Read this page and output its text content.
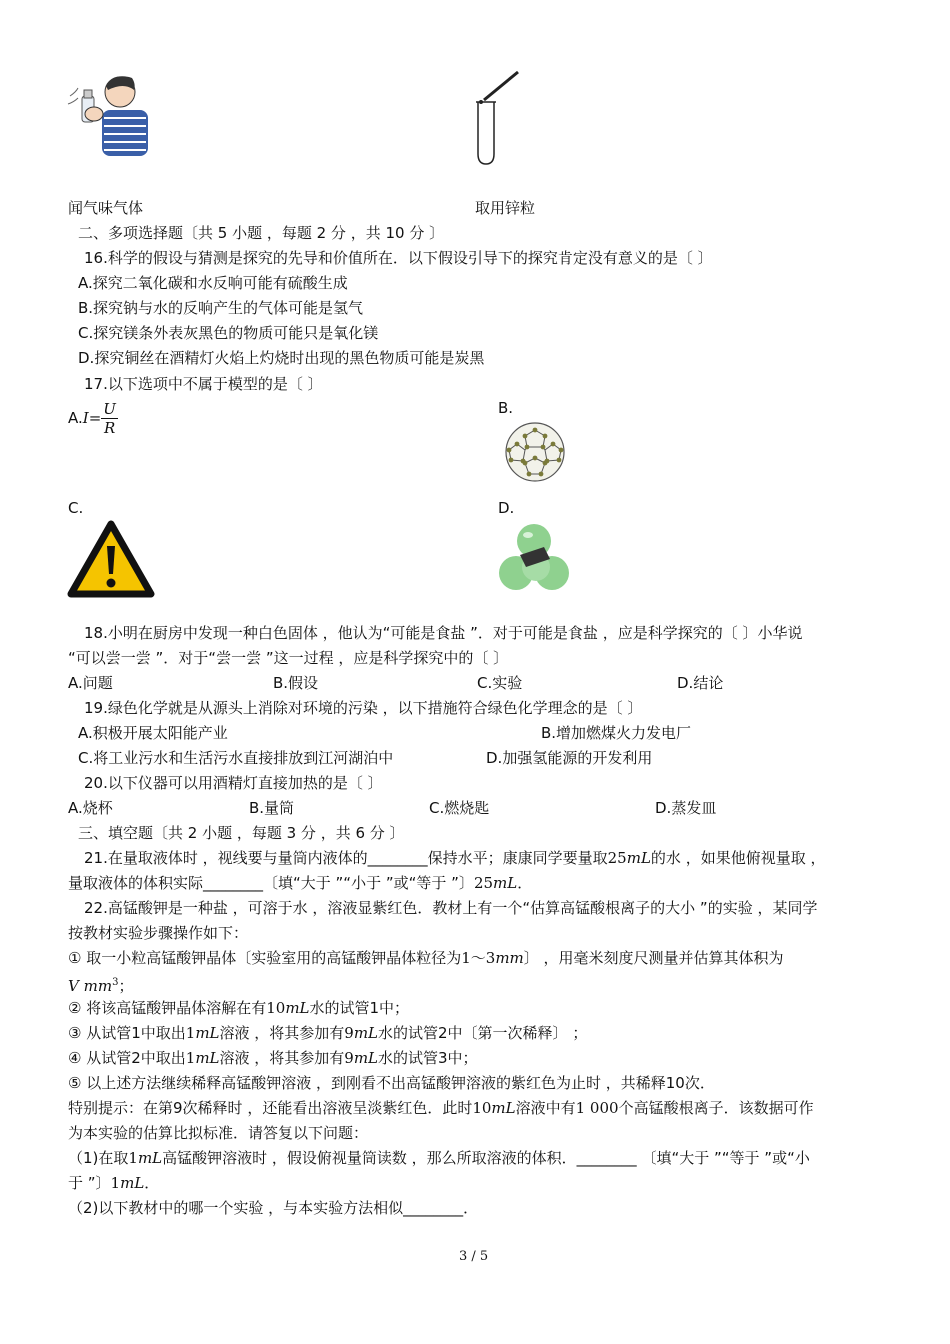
闻气味气体	取用锌粒
二、多项选择题〔共 5 小题 ，每题 2 分 ，共 10 分 〕
16.科学的假设与猜测是探究的先导和价值所在．以下假设引导下的探究肯定没有意义的是〔 〕
A.探究二氧化碳和水反响可能有硫酸生成
B.探究钠与水的反响产生的气体可能是氢气
C.探究镁条外表灰黑色的物质可能只是氧化镁
D.探究铜丝在酒精灯火焰上灼烧时出现的黑色物质可能是炭黑
17.以下选项中不属于模型的是〔 〕
$A.I= \frac{U}{R}$	B.
C.	D.
18.小明在厨房中发现一种白色固体 ，他认为“可能是食盐 ”．对于可能是食盐 ，应是科学探究的〔 〕小华说
“可以尝一尝 ”．对于“尝一尝 ”这一过程 ，应是科学探究中的〔 〕
A.问题	B.假设	C.实验	D.结论
19.绿色化学就是从源头上消除对环境的污染 ，以下措施符合绿色化学理念的是〔 〕
A.积极开展太阳能产业	B.增加燃煤火力发电厂
C.将工业污水和生活污水直接排放到江河湖泊中	D.加强氢能源的开发利用
20.以下仪器可以用酒精灯直接加热的是〔 〕
A.烧杯	B.量筒	C.燃烧匙	D.蒸发皿
三、填空题〔共 2 小题 ，每题 3 分 ，共 6 分 〕
21.在量取液体时 ，视线要与量筒内液体的________保持水平；康康同学要量取25mL的水 ，如果他俯视量取 ，
量取液体的体积实际________〔填“大于 ”“小于 ”或“等于 ”〕25mL．
22.高锰酸钾是一种盐 ，可溶于水 ，溶液显紫红色．教材上有一个“估算高锰酸根离子的大小 ”的实验 ，某同学
按教材实验步骤操作如下：
① 取一小粒高锰酸钾晶体〔实验室用的高锰酸钾晶体粒径为1～3mm〕 ，用毫米刻度尺测量并估算其体积为
V $mm^3$；
② 将该高锰酸钾晶体溶解在有10mL水的试管1中；
③ 从试管1中取出1mL溶液 ，将其参加有9mL水的试管2中〔第一次稀释〕 ；
④ 从试管2中取出1mL溶液 ，将其参加有9mL水的试管3中；
⑤ 以上述方法继续稀释高锰酸钾溶液 ，到刚看不出高锰酸钾溶液的紫红色为止时 ，共稀释10次．
特别提示：在第9次稀释时 ，还能看出溶液呈淡紫红色．此时10mL溶液中有1 000个高锰酸根离子．该数据可作
为本实验的估算比拟标准．请答复以下问题：
（1)在取1mL高锰酸钾溶液时 ，假设俯视量筒读数 ，那么所取溶液的体积．________ 〔填“大于 ”“等于 ”或“小
于 ”〕1mL．
（2)以下教材中的哪一个实验 ，与本实验方法相似________．
3 / 5
